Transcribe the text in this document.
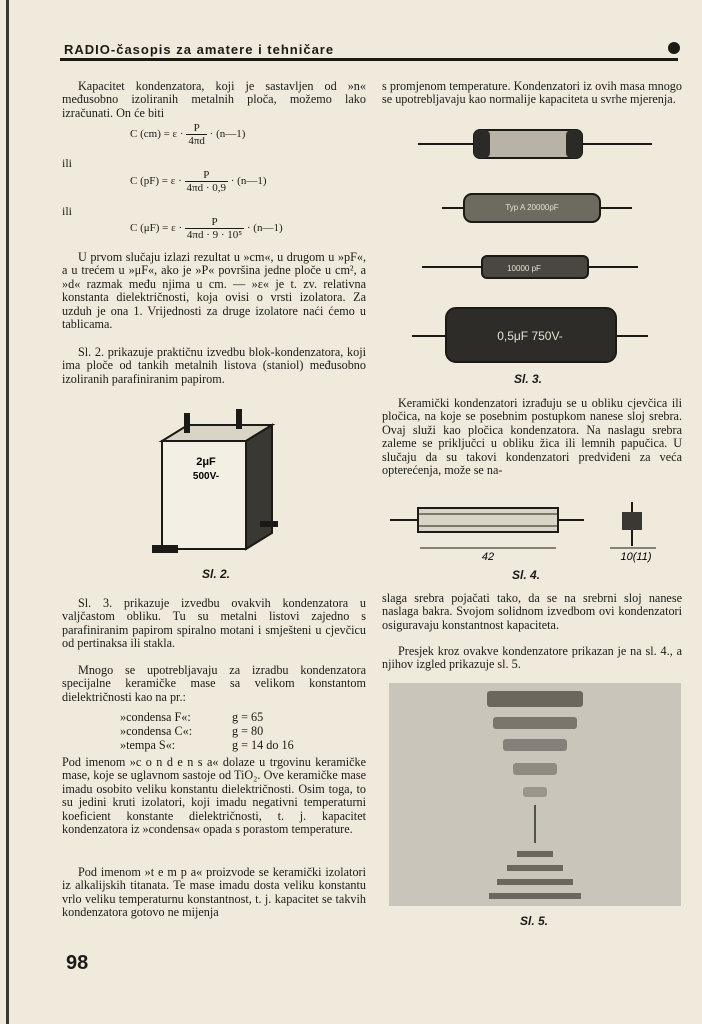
RADIO-časopis za amatere i tehničare

Kapacitet kondenzatora, koji je sastavljen od »n« međusobno izoliranih metalnih ploča, možemo lako izračunati. On će biti

C $(cm) = \varepsilon \cdot \frac{P}{4\pi d}$ · (n—1)
ili
C $(pF) = \varepsilon \cdot \frac{P}{4\pi d \cdot 0,9}$ · (n—1)
ili
C $(\mu F) = \varepsilon \cdot \frac{P}{\text{4πd · 9 · 10⁵}}$ · (n—1)

U prvom slučaju izlazi rezultat u »cm«, u drugom u »pF«, a u trećem u »μF«, ako je »P« površina jedne ploče u cm², a »d« razmak među njima u cm. — »ε« je t. zv. relativna konstanta dielektričnosti, koja ovisi o vrsti izolatora. Za uzduh je ona 1. Vrijednosti za druge izolatore naći ćemo u tablicama.

Sl. 2. prikazuje praktičnu izvedbu blok-kondenzatora, koji ima ploče od tankih metalnih listova (staniol) međusobno izoliranih parafiniranim papirom.

2μF
500V-
Sl. 2.

Sl. 3. prikazuje izvedbu ovakvih kondenzatora u valjčastom obliku. Tu su metalni listovi zajedno s parafiniranim papirom spiralno motani i smješteni u cjevčicu od pertinaksa ili stakla.

Mnogo se upotrebljavaju za izradbu kondenzatora specijalne keramičke mase sa velikom konstantom dielektričnosti kao na pr.:

»condensa F«:	g = 65
»condensa C«:	g = 80
»tempa S«:	g = 14 do 16

Pod imenom »c o n d e n s a« dolaze u trgovinu keramičke mase, koje se uglavnom sastoje od TiO₂. Ove keramičke mase imadu osobito veliku konstantu dielektričnosti. Osim toga, to su jedini kruti izolatori, koji imadu negativni temperaturni koeficient konstante dielektričnosti, t. j. kapacitet kondenzatora iz »condensa« opada s porastom temperature.

Pod imenom »t e m p a« proizvode se keramički izolatori iz alkalijskih titanata. Te mase imadu dosta veliku konstantu vrlo veliku temperaturnu konstantnost, t. j. kapacitet se takvih kondenzatora gotovo ne mijenja

98

s promjenom temperature. Kondenzatori iz ovih masa mnogo se upotrebljavaju kao normalije kapaciteta u svrhe mjerenja.

Typ A 20000pF
10000 pF
0,5μF 750V-
Sl. 3.

Keramički kondenzatori izrađuju se u obliku cjevčica ili pločica, na koje se posebnim postupkom nanese sloj srebra. Ovaj služi kao pločica kondenzatora. Na naslagu srebra zaleme se priključci u obliku žica ili lemnih papučica. U slučaju da su takovi kondenzatori predviđeni za veća opterećenja, može se na-

42	10(11)
Sl. 4.

slaga srebra pojačati tako, da se na srebrni sloj nanese naslaga bakra. Svojom solidnom izvedbom ovi kondenzatori osiguravaju konstantnost kapaciteta.

Presjek kroz ovakve kondenzatore prikazan je na sl. 4., a njihov izgled prikazuje sl. 5.

Sl. 5.
